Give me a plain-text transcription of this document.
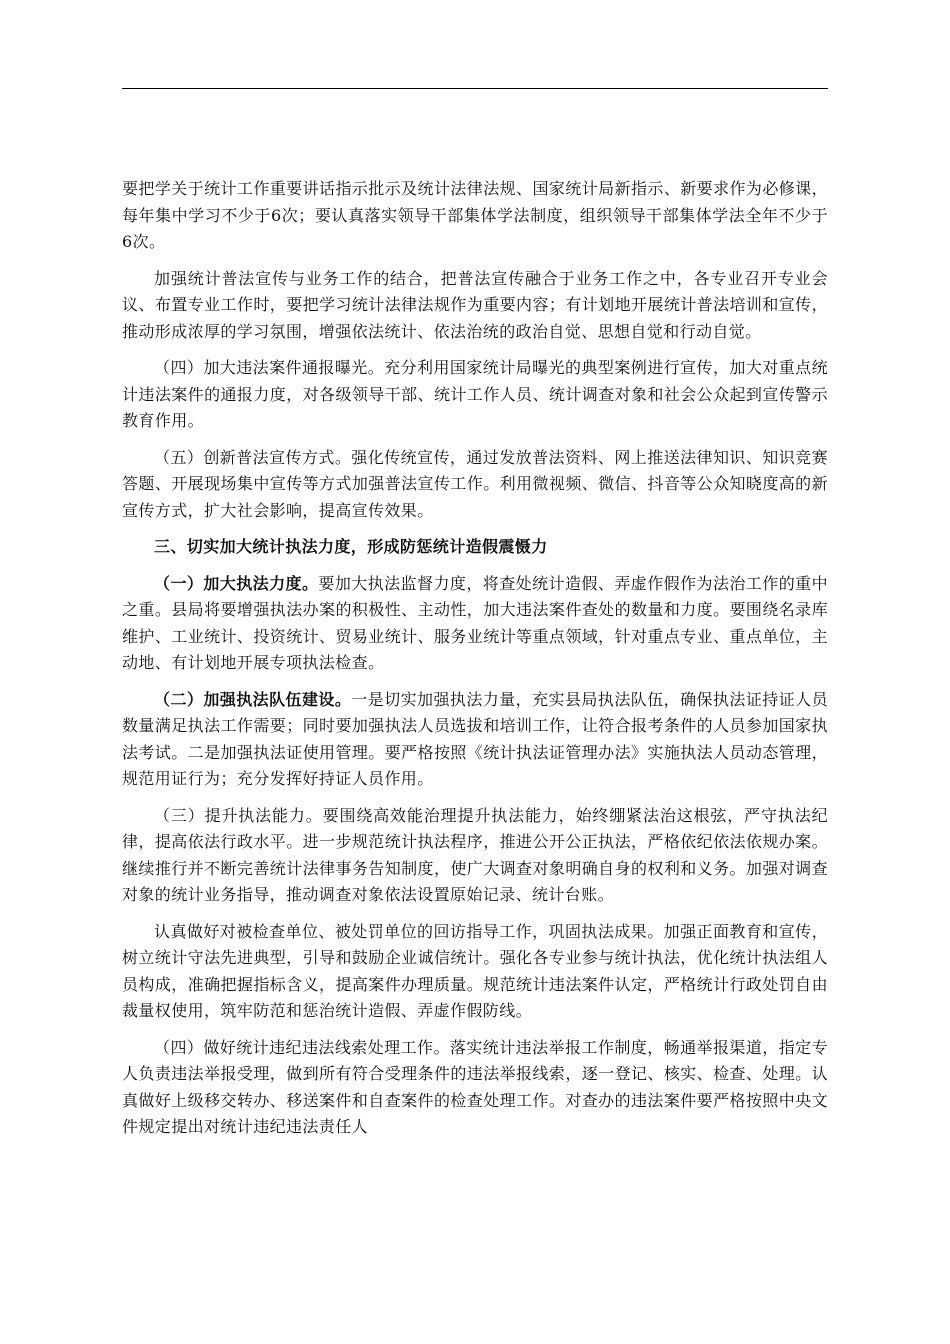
要把学关于统计工作重要讲话指示批示及统计法律法规、国家统计局新指示、新要求作为必修课，每年集中学习不少于6次；要认真落实领导干部集体学法制度，组织领导干部集体学法全年不少于6次。

加强统计普法宣传与业务工作的结合，把普法宣传融合于业务工作之中，各专业召开专业会议、布置专业工作时，要把学习统计法律法规作为重要内容；有计划地开展统计普法培训和宣传，推动形成浓厚的学习氛围，增强依法统计、依法治统的政治自觉、思想自觉和行动自觉。

（四）加大违法案件通报曝光。充分利用国家统计局曝光的典型案例进行宣传，加大对重点统计违法案件的通报力度，对各级领导干部、统计工作人员、统计调查对象和社会公众起到宣传警示教育作用。

（五）创新普法宣传方式。强化传统宣传，通过发放普法资料、网上推送法律知识、知识竞赛答题、开展现场集中宣传等方式加强普法宣传工作。利用微视频、微信、抖音等公众知晓度高的新宣传方式，扩大社会影响，提高宣传效果。

三、切实加大统计执法力度，形成防惩统计造假震慑力

（一）加大执法力度。要加大执法监督力度，将查处统计造假、弄虚作假作为法治工作的重中之重。县局将要增强执法办案的积极性、主动性，加大违法案件查处的数量和力度。要围绕名录库维护、工业统计、投资统计、贸易业统计、服务业统计等重点领域，针对重点专业、重点单位，主动地、有计划地开展专项执法检查。

（二）加强执法队伍建设。一是切实加强执法力量，充实县局执法队伍，确保执法证持证人员数量满足执法工作需要；同时要加强执法人员选拔和培训工作，让符合报考条件的人员参加国家执法考试。二是加强执法证使用管理。要严格按照《统计执法证管理办法》实施执法人员动态管理，规范用证行为；充分发挥好持证人员作用。

（三）提升执法能力。要围绕高效能治理提升执法能力，始终绷紧法治这根弦，严守执法纪律，提高依法行政水平。进一步规范统计执法程序，推进公开公正执法，严格依纪依法依规办案。继续推行并不断完善统计法律事务告知制度，使广大调查对象明确自身的权利和义务。加强对调查对象的统计业务指导，推动调查对象依法设置原始记录、统计台账。

认真做好对被检查单位、被处罚单位的回访指导工作，巩固执法成果。加强正面教育和宣传，树立统计守法先进典型，引导和鼓励企业诚信统计。强化各专业参与统计执法，优化统计执法组人员构成，准确把握指标含义，提高案件办理质量。规范统计违法案件认定，严格统计行政处罚自由裁量权使用，筑牢防范和惩治统计造假、弄虚作假防线。

（四）做好统计违纪违法线索处理工作。落实统计违法举报工作制度，畅通举报渠道，指定专人负责违法举报受理，做到所有符合受理条件的违法举报线索，逐一登记、核实、检查、处理。认真做好上级移交转办、移送案件和自查案件的检查处理工作。对查办的违法案件要严格按照中央文件规定提出对统计违纪违法责任人
